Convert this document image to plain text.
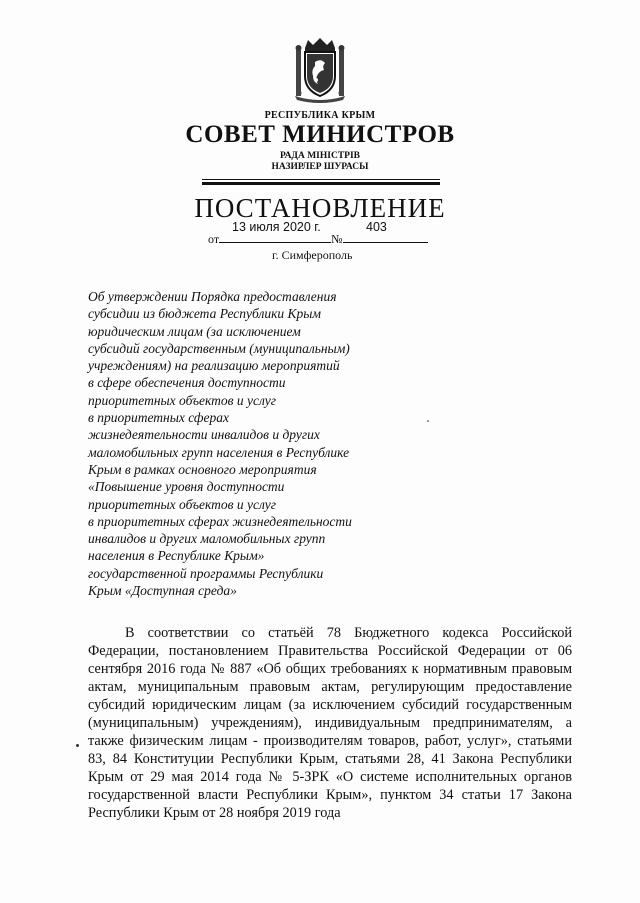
РЕСПУБЛИКА КРЫМ
СОВЕТ МИНИСТРОВ
РАДА МІНІСТРІВ
НАЗИРЛЕР ШУРАСЫ
ПОСТАНОВЛЕНИЕ
13 июля 2020 г.	403
от	№
г. Симферополь
Об утверждении Порядка предоставления
субсидии из бюджета Республики Крым
юридическим лицам (за исключением
субсидий государственным (муниципальным)
учреждениям) на реализацию мероприятий
в сфере обеспечения доступности
приоритетных объектов и услуг
в приоритетных сферах
жизнедеятельности инвалидов и других
маломобильных групп населения в Республике
Крым в рамках основного мероприятия
«Повышение уровня доступности
приоритетных объектов и услуг
в приоритетных сферах жизнедеятельности
инвалидов и других маломобильных групп
населения в Республике Крым»
государственной программы Республики
Крым «Доступная среда»
В соответствии со статьёй 78 Бюджетного кодекса Российской Федерации, постановлением Правительства Российской Федерации от 06 сентября 2016 года № 887 «Об общих требованиях к нормативным правовым актам, муниципальным правовым актам, регулирующим предоставление субсидий юридическим лицам (за исключением субсидий государственным (муниципальным) учреждениям), индивидуальным предпринимателям, а также физическим лицам - производителям товаров, работ, услуг», статьями 83, 84 Конституции Республики Крым, статьями 28, 41 Закона Республики Крым от 29 мая 2014 года № 5-ЗРК «О системе исполнительных органов государственной власти Республики Крым», пунктом 34 статьи 17 Закона Республики Крым от 28 ноября 2019 года
